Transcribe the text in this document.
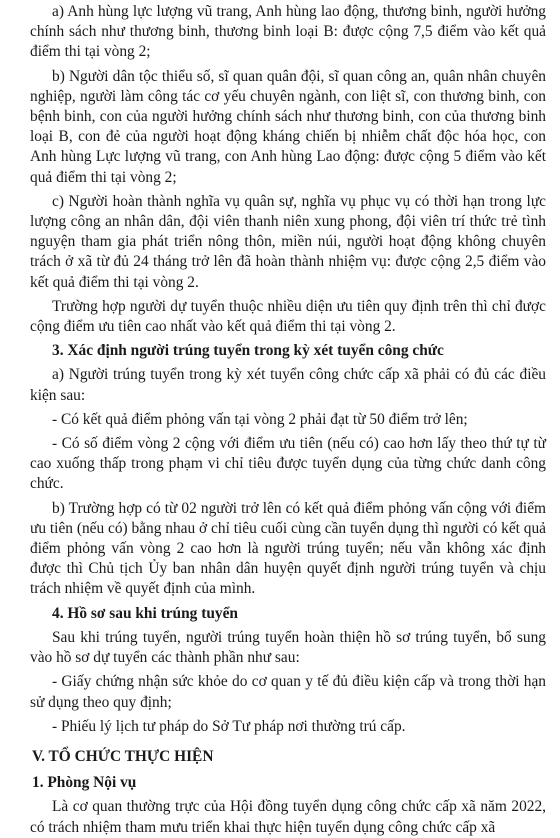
a) Anh hùng lực lượng vũ trang, Anh hùng lao động, thương binh, người hưởng chính sách như thương binh, thương binh loại B: được cộng 7,5 điểm vào kết quả điểm thi tại vòng 2;

b) Người dân tộc thiểu số, sĩ quan quân đội, sĩ quan công an, quân nhân chuyên nghiệp, người làm công tác cơ yếu chuyên ngành, con liệt sĩ, con thương binh, con bệnh binh, con của người hưởng chính sách như thương binh, con của thương binh loại B, con đẻ của người hoạt động kháng chiến bị nhiễm chất độc hóa học, con Anh hùng Lực lượng vũ trang, con Anh hùng Lao động: được cộng 5 điểm vào kết quả điểm thi tại vòng 2;

c) Người hoàn thành nghĩa vụ quân sự, nghĩa vụ phục vụ có thời hạn trong lực lượng công an nhân dân, đội viên thanh niên xung phong, đội viên trí thức trẻ tình nguyện tham gia phát triển nông thôn, miền núi, người hoạt động không chuyên trách ở xã từ đủ 24 tháng trở lên đã hoàn thành nhiệm vụ: được cộng 2,5 điểm vào kết quả điểm thi tại vòng 2.

Trường hợp người dự tuyển thuộc nhiều diện ưu tiên quy định trên thì chỉ được cộng điểm ưu tiên cao nhất vào kết quả điểm thi tại vòng 2.

3. Xác định người trúng tuyển trong kỳ xét tuyển công chức

a) Người trúng tuyển trong kỳ xét tuyển công chức cấp xã phải có đủ các điều kiện sau:

- Có kết quả điểm phỏng vấn tại vòng 2 phải đạt từ 50 điểm trở lên;

- Có số điểm vòng 2 cộng với điểm ưu tiên (nếu có) cao hơn lấy theo thứ tự từ cao xuống thấp trong phạm vi chỉ tiêu được tuyển dụng của từng chức danh công chức.

b) Trường hợp có từ 02 người trở lên có kết quả điểm phỏng vấn cộng với điểm ưu tiên (nếu có) bằng nhau ở chỉ tiêu cuối cùng cần tuyển dụng thì người có kết quả điểm phỏng vấn vòng 2 cao hơn là người trúng tuyển; nếu vẫn không xác định được thì Chủ tịch Ủy ban nhân dân huyện quyết định người trúng tuyển và chịu trách nhiệm về quyết định của mình.

4. Hồ sơ sau khi trúng tuyển

Sau khi trúng tuyển, người trúng tuyển hoàn thiện hồ sơ trúng tuyển, bổ sung vào hồ sơ dự tuyển các thành phần như sau:

- Giấy chứng nhận sức khỏe do cơ quan y tế đủ điều kiện cấp và trong thời hạn sử dụng theo quy định;

- Phiếu lý lịch tư pháp do Sở Tư pháp nơi thường trú cấp.

V. TỔ CHỨC THỰC HIỆN

1. Phòng Nội vụ

Là cơ quan thường trực của Hội đồng tuyển dụng công chức cấp xã năm 2022, có trách nhiệm tham mưu triển khai thực hiện tuyển dụng công chức cấp xã
